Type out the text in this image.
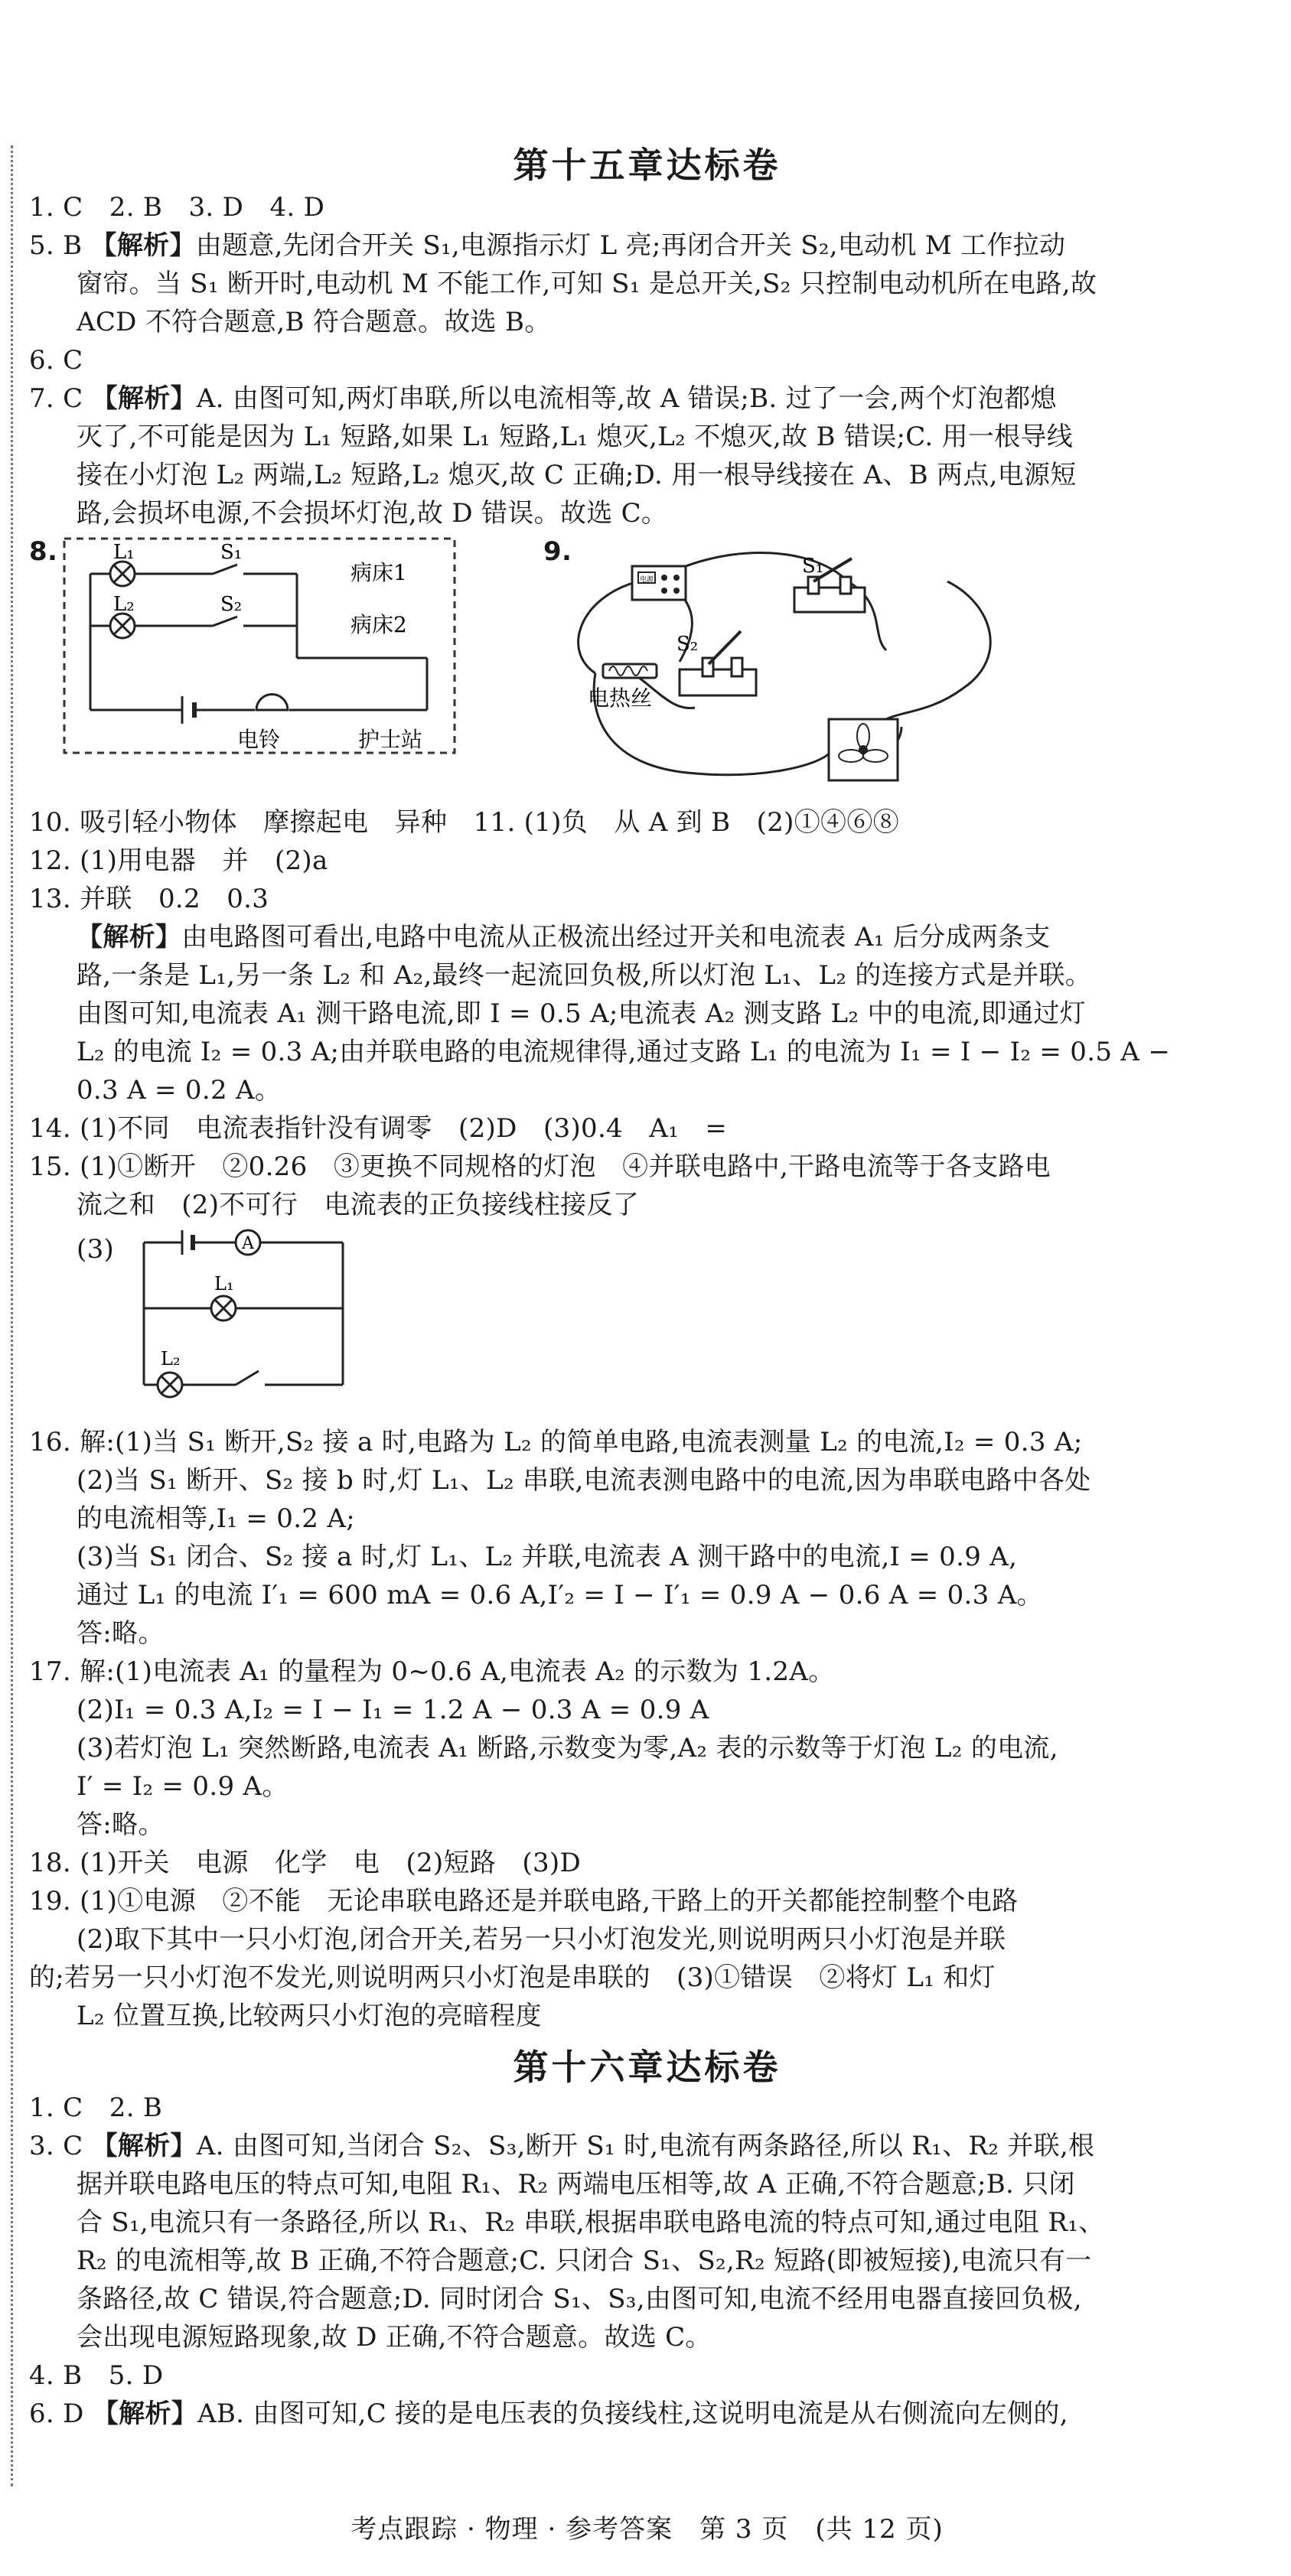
第十五章达标卷
1. C　2. B　3. D　4. D
5. B 【解析】由题意,先闭合开关 S₁,电源指示灯 L 亮;再闭合开关 S₂,电动机 M 工作拉动
窗帘。当 S₁ 断开时,电动机 M 不能工作,可知 S₁ 是总开关,S₂ 只控制电动机所在电路,故
ACD 不符合题意,B 符合题意。故选 B。
6. C
7. C 【解析】A. 由图可知,两灯串联,所以电流相等,故 A 错误;B. 过了一会,两个灯泡都熄
灭了,不可能是因为 L₁ 短路,如果 L₁ 短路,L₁ 熄灭,L₂ 不熄灭,故 B 错误;C. 用一根导线
接在小灯泡 L₂ 两端,L₂ 短路,L₂ 熄灭,故 C 正确;D. 用一根导线接在 A、B 两点,电源短
路,会损坏电源,不会损坏灯泡,故 D 错误。故选 C。
8.	L₁
L₂
S₁
S₂
病床1
病床2
电铃	护士站
9.
电源
S₁
S₂
电热丝
10. 吸引轻小物体　摩擦起电　异种　11. (1)负　从 A 到 B　(2)①④⑥⑧
12. (1)用电器　并　(2)a
13. 并联　0.2　0.3
【解析】由电路图可看出,电路中电流从正极流出经过开关和电流表 A₁ 后分成两条支
路,一条是 L₁,另一条 L₂ 和 A₂,最终一起流回负极,所以灯泡 L₁、L₂ 的连接方式是并联。
由图可知,电流表 A₁ 测干路电流,即 I = 0.5 A;电流表 A₂ 测支路 L₂ 中的电流,即通过灯
L₂ 的电流 I₂ = 0.3 A;由并联电路的电流规律得,通过支路 L₁ 的电流为 I₁ = I − I₂ = 0.5 A −
0.3 A = 0.2 A。
14. (1)不同　电流表指针没有调零　(2)D　(3)0.4　A₁　=
15. (1)①断开　②0.26　③更换不同规格的灯泡　④并联电路中,干路电流等于各支路电
流之和　(2)不可行　电流表的正负接线柱接反了
(3)	A
L₁
L₂
16. 解:(1)当 S₁ 断开,S₂ 接 a 时,电路为 L₂ 的简单电路,电流表测量 L₂ 的电流,I₂ = 0.3 A;
(2)当 S₁ 断开、S₂ 接 b 时,灯 L₁、L₂ 串联,电流表测电路中的电流,因为串联电路中各处
的电流相等,I₁ = 0.2 A;
(3)当 S₁ 闭合、S₂ 接 a 时,灯 L₁、L₂ 并联,电流表 A 测干路中的电流,I = 0.9 A,
通过 L₁ 的电流 I′₁ = 600 mA = 0.6 A,I′₂ = I − I′₁ = 0.9 A − 0.6 A = 0.3 A。
答:略。
17. 解:(1)电流表 A₁ 的量程为 0~0.6 A,电流表 A₂ 的示数为 1.2A。
(2)I₁ = 0.3 A,I₂ = I − I₁ = 1.2 A − 0.3 A = 0.9 A
(3)若灯泡 L₁ 突然断路,电流表 A₁ 断路,示数变为零,A₂ 表的示数等于灯泡 L₂ 的电流,
I′ = I₂ = 0.9 A。
答:略。
18. (1)开关　电源　化学　电　(2)短路　(3)D
19. (1)①电源　②不能　无论串联电路还是并联电路,干路上的开关都能控制整个电路
(2)取下其中一只小灯泡,闭合开关,若另一只小灯泡发光,则说明两只小灯泡是并联
的;若另一只小灯泡不发光,则说明两只小灯泡是串联的　(3)①错误　②将灯 L₁ 和灯
L₂ 位置互换,比较两只小灯泡的亮暗程度
第十六章达标卷
1. C　2. B
3. C 【解析】A. 由图可知,当闭合 S₂、S₃,断开 S₁ 时,电流有两条路径,所以 R₁、R₂ 并联,根
据并联电路电压的特点可知,电阻 R₁、R₂ 两端电压相等,故 A 正确,不符合题意;B. 只闭
合 S₁,电流只有一条路径,所以 R₁、R₂ 串联,根据串联电路电流的特点可知,通过电阻 R₁、
R₂ 的电流相等,故 B 正确,不符合题意;C. 只闭合 S₁、S₂,R₂ 短路(即被短接),电流只有一
条路径,故 C 错误,符合题意;D. 同时闭合 S₁、S₃,由图可知,电流不经用电器直接回负极,
会出现电源短路现象,故 D 正确,不符合题意。故选 C。
4. B　5. D
6. D 【解析】AB. 由图可知,C 接的是电压表的负接线柱,这说明电流是从右侧流向左侧的,
考点跟踪 · 物理 · 参考答案　第 3 页　(共 12 页)
